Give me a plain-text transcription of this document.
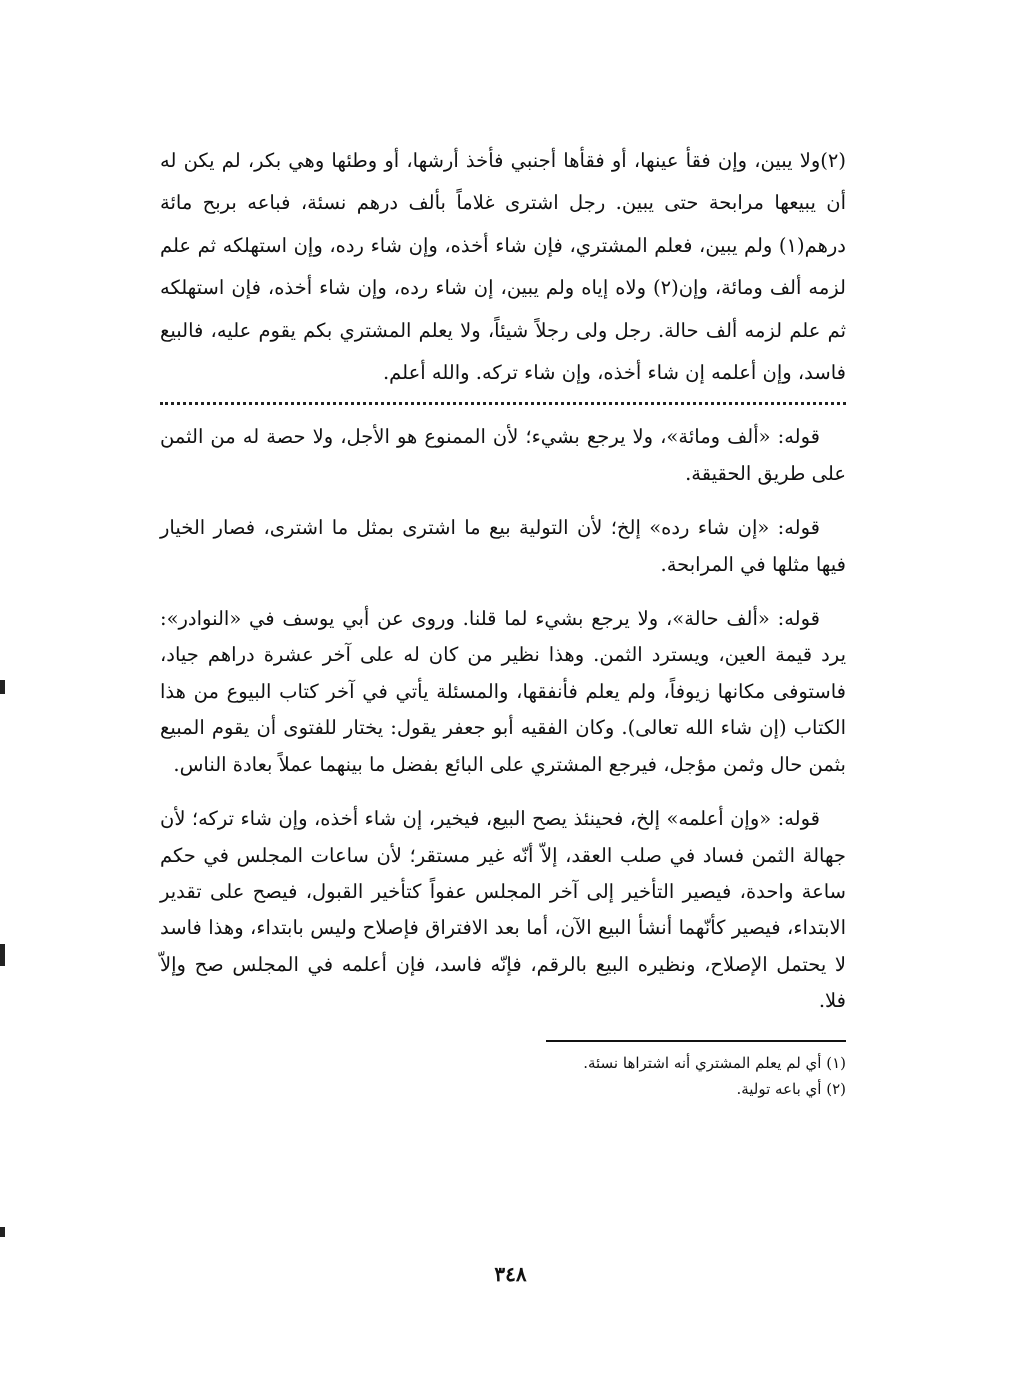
(٢)ولا يبين، وإن فقأ عينها، أو فقأها أجنبي فأخذ أرشها، أو وطئها وهي بكر، لم يكن له أن يبيعها مرابحة حتى يبين. رجل اشترى غلاماً بألف درهم نسئة، فباعه بربح مائة درهم(١) ولم يبين، فعلم المشتري، فإن شاء أخذه، وإن شاء رده، وإن استهلكه ثم علم لزمه ألف ومائة، وإن(٢) ولاه إياه ولم يبين، إن شاء رده، وإن شاء أخذه، فإن استهلكه ثم علم لزمه ألف حالة. رجل ولى رجلاً شيئاً، ولا يعلم المشتري بكم يقوم عليه، فالبيع فاسد، وإن أعلمه إن شاء أخذه، وإن شاء تركه. والله أعلم.

قوله: «ألف ومائة»، ولا يرجع بشيء؛ لأن الممنوع هو الأجل، ولا حصة له من الثمن على طريق الحقيقة.

قوله: «إن شاء رده» إلخ؛ لأن التولية بيع ما اشترى بمثل ما اشترى، فصار الخيار فيها مثلها في المرابحة.

قوله: «ألف حالة»، ولا يرجع بشيء لما قلنا. وروى عن أبي يوسف في «النوادر»: يرد قيمة العين، ويسترد الثمن. وهذا نظير من كان له على آخر عشرة دراهم جياد، فاستوفى مكانها زيوفاً، ولم يعلم فأنفقها، والمسئلة يأتي في آخر كتاب البيوع من هذا الكتاب (إن شاء الله تعالى). وكان الفقيه أبو جعفر يقول: يختار للفتوى أن يقوم المبيع بثمن حال وثمن مؤجل، فيرجع المشتري على البائع بفضل ما بينهما عملاً بعادة الناس.

قوله: «وإن أعلمه» إلخ، فحينئذ يصح البيع، فيخير، إن شاء أخذه، وإن شاء تركه؛ لأن جهالة الثمن فساد في صلب العقد، إلاّ أنّه غير مستقر؛ لأن ساعات المجلس في حكم ساعة واحدة، فيصير التأخير إلى آخر المجلس عفواً كتأخير القبول، فيصح على تقدير الابتداء، فيصير كأنّهما أنشأ البيع الآن، أما بعد الافتراق فإصلاح وليس بابتداء، وهذا فاسد لا يحتمل الإصلاح، ونظيره البيع بالرقم، فإنّه فاسد، فإن أعلمه في المجلس صح وإلاّ فلا.

(١) أي لم يعلم المشتري أنه اشتراها نسئة.

(٢) أي باعه تولية.

٣٤٨
